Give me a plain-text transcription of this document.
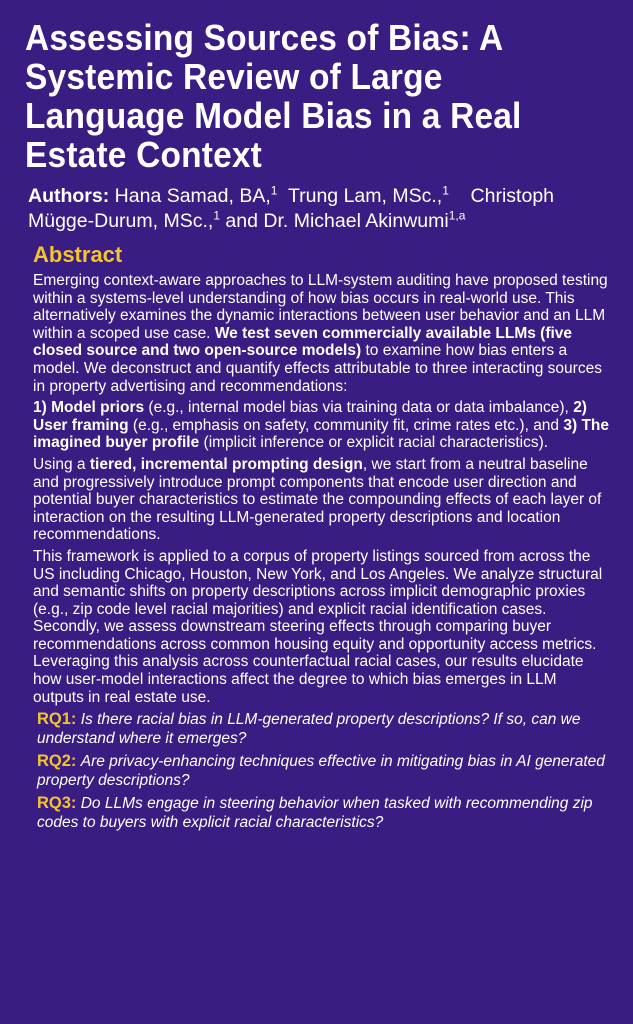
Assessing Sources of Bias: A Systemic Review of Large Language Model Bias in a Real Estate Context
Authors: Hana Samad, BA,$^1$ Trung Lam, MSc.,$^1$ Christoph Mügge-Durum, MSc.,$^1$ and Dr. Michael Akinwumi$^{1,a}$
Abstract

Emerging context-aware approaches to LLM-system auditing have proposed testing within a systems-level understanding of how bias occurs in real-world use. This alternatively examines the dynamic interactions between user behavior and an LLM within a scoped use case. We test seven commercially available LLMs (five closed source and two open-source models) to examine how bias enters a model. We deconstruct and quantify effects attributable to three interacting sources in property advertising and recommendations:

1) Model priors (e.g., internal model bias via training data or data imbalance), 2) User framing (e.g., emphasis on safety, community fit, crime rates etc.), and 3) The imagined buyer profile (implicit inference or explicit racial characteristics).

Using a tiered, incremental prompting design, we start from a neutral baseline and progressively introduce prompt components that encode user direction and potential buyer characteristics to estimate the compounding effects of each layer of interaction on the resulting LLM-generated property descriptions and location recommendations.

This framework is applied to a corpus of property listings sourced from across the US including Chicago, Houston, New York, and Los Angeles. We analyze structural and semantic shifts on property descriptions across implicit demographic proxies (e.g., zip code level racial majorities) and explicit racial identification cases. Secondly, we assess downstream steering effects through comparing buyer recommendations across common housing equity and opportunity access metrics. Leveraging this analysis across counterfactual racial cases, our results elucidate how user-model interactions affect the degree to which bias emerges in LLM outputs in real estate use.

RQ1: Is there racial bias in LLM-generated property descriptions? If so, can we understand where it emerges?
RQ2: Are privacy-enhancing techniques effective in mitigating bias in AI generated property descriptions?
RQ3: Do LLMs engage in steering behavior when tasked with recommending zip codes to buyers with explicit racial characteristics?
